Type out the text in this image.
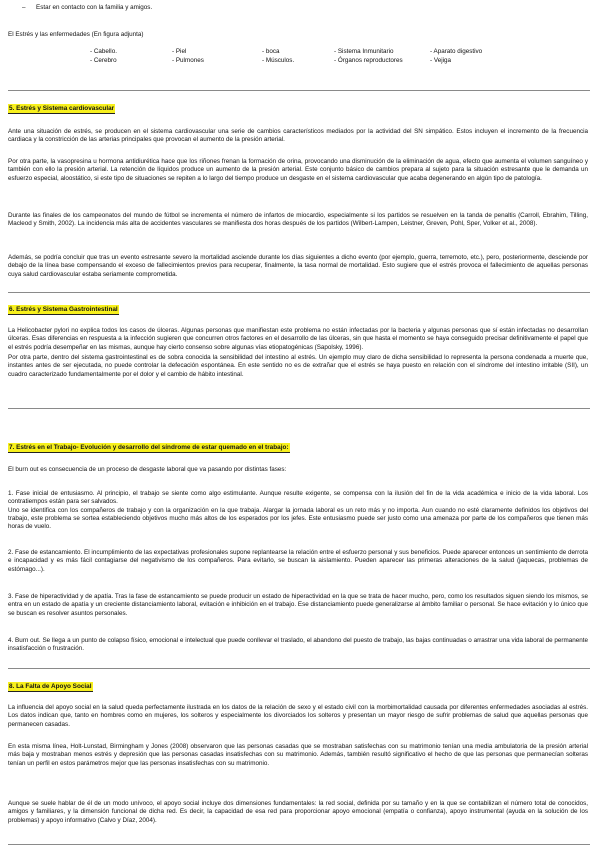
– Estar en contacto con la familia y amigos.

El Estrés y las enfermedades (En figura adjunta)

- Cabello.
- Cerebro
- Piel
- Pulmones
- boca
- Músculos.
- Sistema Inmunitario
- Órganos reproductores
- Aparato digestivo
- Vejiga

5. Estrés y Sistema cardiovascular

Ante una situación de estrés, se producen en el sistema cardiovascular una serie de cambios característicos mediados por la actividad del SN simpático. Estos incluyen el incremento de la frecuencia cardiaca y la constricción de las arterias principales que provocan el aumento de la presión arterial.

Por otra parte, la vasopresina u hormona antidiurética hace que los riñones frenan la formación de orina, provocando una disminución de la eliminación de agua, efecto que aumenta el volumen sanguíneo y también con ello la presión arterial. La retención de líquidos produce un aumento de la presión arterial. Este conjunto básico de cambios prepara al sujeto para la situación estresante que le demanda un esfuerzo especial, aloostático, si este tipo de situaciones se repiten a lo largo del tiempo produce un desgaste en el sistema cardiovascular que acaba degenerando en algún tipo de patología.

Durante las finales de los campeonatos del mundo de fútbol se incrementa el número de infartos de miocardio, especialmente si los partidos se resuelven en la tanda de penaltis (Carroll, Ebrahim, Tilling, Macleod y Smith, 2002). La incidencia más alta de accidentes vasculares se manifiesta dos horas después de los partidos (Wilbert-Lampen, Leistner, Greven, Pohl, Sper, Volker et al., 2008).

Además, se podría concluir que tras un evento estresante severo la mortalidad asciende durante los días siguientes a dicho evento (por ejemplo, guerra, terremoto, etc.), pero, posteriormente, desciende por debajo de la línea base compensando el exceso de fallecimientos previos para recuperar, finalmente, la tasa normal de mortalidad. Esto sugiere que el estrés provoca el fallecimiento de aquellas personas cuya salud cardiovascular estaba seriamente comprometida.

6. Estrés y Sistema Gastrointestinal

La Helicobacter pylori no explica todos los casos de úlceras. Algunas personas que manifiestan este problema no están infectadas por la bacteria y algunas personas que sí están infectadas no desarrollan úlceras. Esas diferencias en respuesta a la infección sugieren que concurren otros factores en el desarrollo de las úlceras, sin que hasta el momento se haya conseguido precisar definitivamente el papel que el estrés podría desempeñar en las mismas, aunque hay cierto consenso sobre algunas vías etiopatogénicas (Sapolsky, 1996).

Por otra parte, dentro del sistema gastrointestinal es de sobra conocida la sensibilidad del intestino al estrés. Un ejemplo muy claro de dicha sensibilidad lo representa la persona condenada a muerte que, instantes antes de ser ejecutada, no puede controlar la defecación espontánea. En este sentido no es de extrañar que el estrés se haya puesto en relación con el síndrome del intestino irritable (SII), un cuadro caracterizado fundamentalmente por el dolor y el cambio de hábito intestinal.

7. Estrés en el Trabajo- Evolución y desarrollo del síndrome de estar quemado en el trabajo:

El burn out es consecuencia de un proceso de desgaste laboral que va pasando por distintas fases:

1. Fase inicial de entusiasmo. Al principio, el trabajo se siente como algo estimulante. Aunque resulte exigente, se compensa con la ilusión del fin de la vida académica e inicio de la vida laboral. Los contratiempos están para ser salvados.
Uno se identifica con los compañeros de trabajo y con la organización en la que trabaja. Alargar la jornada laboral es un reto más y no importa. Aun cuando no esté claramente definidos los objetivos del trabajo, este problema se sortea estableciendo objetivos mucho más altos de los esperados por los jefes. Este entusiasmo puede ser justo como una amenaza por parte de los compañeros que tienen más horas de vuelo.

2. Fase de estancamiento. El incumplimiento de las expectativas profesionales supone replantearse la relación entre el esfuerzo personal y sus beneficios. Puede aparecer entonces un sentimiento de derrota e incapacidad y es más fácil contagiarse del negativismo de los compañeros. Para evitarlo, se buscan la aislamiento. Pueden aparecer las primeras alteraciones de la salud (jaquecas, problemas de estómago...).

3. Fase de hiperactividad y de apatía. Tras la fase de estancamiento se puede producir un estado de hiperactividad en la que se trata de hacer mucho, pero, como los resultados siguen siendo los mismos, se entra en un estado de apatía y un creciente distanciamiento laboral, evitación e inhibición en el trabajo. Ese distanciamiento puede generalizarse al ámbito familiar o personal. Se hace evitación y lo único que se buscan es resolver asuntos personales.

4. Burn out. Se llega a un punto de colapso físico, emocional e intelectual que puede conllevar el traslado, el abandono del puesto de trabajo, las bajas continuadas o arrastrar una vida laboral de permanente insatisfacción o frustración.

8. La Falta de Apoyo Social

La influencia del apoyo social en la salud queda perfectamente ilustrada en los datos de la relación de sexo y el estado civil con la morbimortalidad causada por diferentes enfermedades asociadas al estrés. Los datos indican que, tanto en hombres como en mujeres, los solteros y especialmente los divorciados los solteros y presentan un mayor riesgo de sufrir problemas de salud que aquellas personas que permanecen casadas.

En esta misma línea, Holt-Lunstad, Birmingham y Jones (2008) observaron que las personas casadas que se mostraban satisfechas con su matrimonio tenían una media ambulatoria de la presión arterial más baja y mostraban menos estrés y depresión que las personas casadas insatisfechas con su matrimonio. Además, también resultó significativo el hecho de que las personas que permanecían solteras tenían un perfil en estos parámetros mejor que las personas insatisfechas con su matrimonio.

Aunque se suele hablar de él de un modo unívoco, el apoyo social incluye dos dimensiones fundamentales: la red social, definida por su tamaño y en la que se contabilizan el número total de conocidos, amigos y familiares, y la dimensión funcional de dicha red. Es decir, la capacidad de esa red para proporcionar apoyo emocional (empatía o confianza), apoyo instrumental (ayuda en la solución de los problemas) y apoyo informativo (Calvo y Díaz, 2004).
